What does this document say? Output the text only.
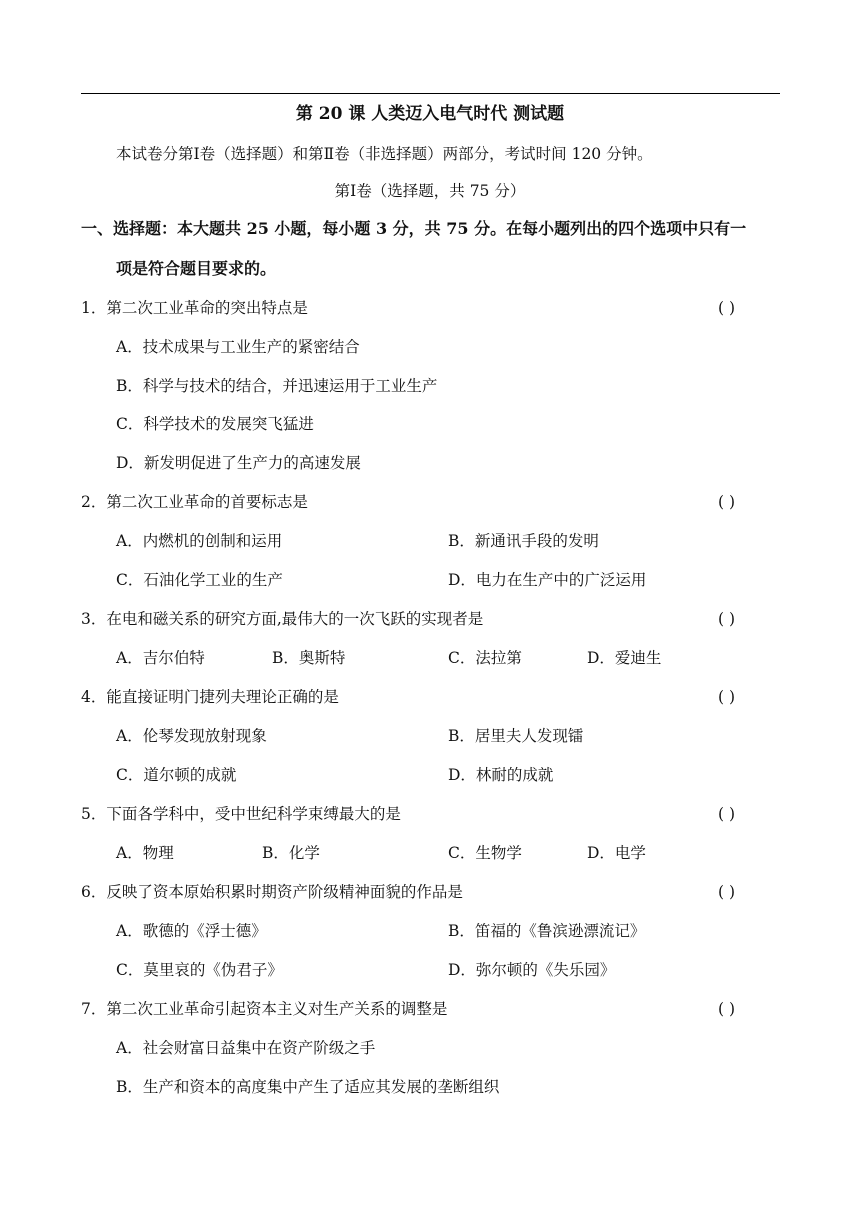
第 20 课 人类迈入电气时代 测试题
本试卷分第Ⅰ卷（选择题）和第Ⅱ卷（非选择题）两部分，考试时间 120 分钟。
第Ⅰ卷（选择题，共 75 分）
一、选择题：本大题共 25 小题，每小题 3 分，共 75 分。在每小题列出的四个选项中只有一
项是符合题目要求的。
1．第二次工业革命的突出特点是	( )
A．技术成果与工业生产的紧密结合
B．科学与技术的结合，并迅速运用于工业生产
C．科学技术的发展突飞猛进
D．新发明促进了生产力的高速发展
2．第二次工业革命的首要标志是	( )
A．内燃机的创制和运用	B．新通讯手段的发明
C．石油化学工业的生产	D．电力在生产中的广泛运用
3．在电和磁关系的研究方面,最伟大的一次飞跃的实现者是	( )
A．吉尔伯特	B．奥斯特	C．法拉第	D．爱迪生
4．能直接证明门捷列夫理论正确的是	( )
A．伦琴发现放射现象	B．居里夫人发现镭
C．道尔顿的成就	D．林耐的成就
5．下面各学科中，受中世纪科学束缚最大的是	( )
A．物理	B．化学	C．生物学	D．电学
6．反映了资本原始积累时期资产阶级精神面貌的作品是	( )
A．歌德的《浮士德》	B．笛福的《鲁滨逊漂流记》
C．莫里哀的《伪君子》	D．弥尔顿的《失乐园》
7．第二次工业革命引起资本主义对生产关系的调整是	( )
A．社会财富日益集中在资产阶级之手
B．生产和资本的高度集中产生了适应其发展的垄断组织
